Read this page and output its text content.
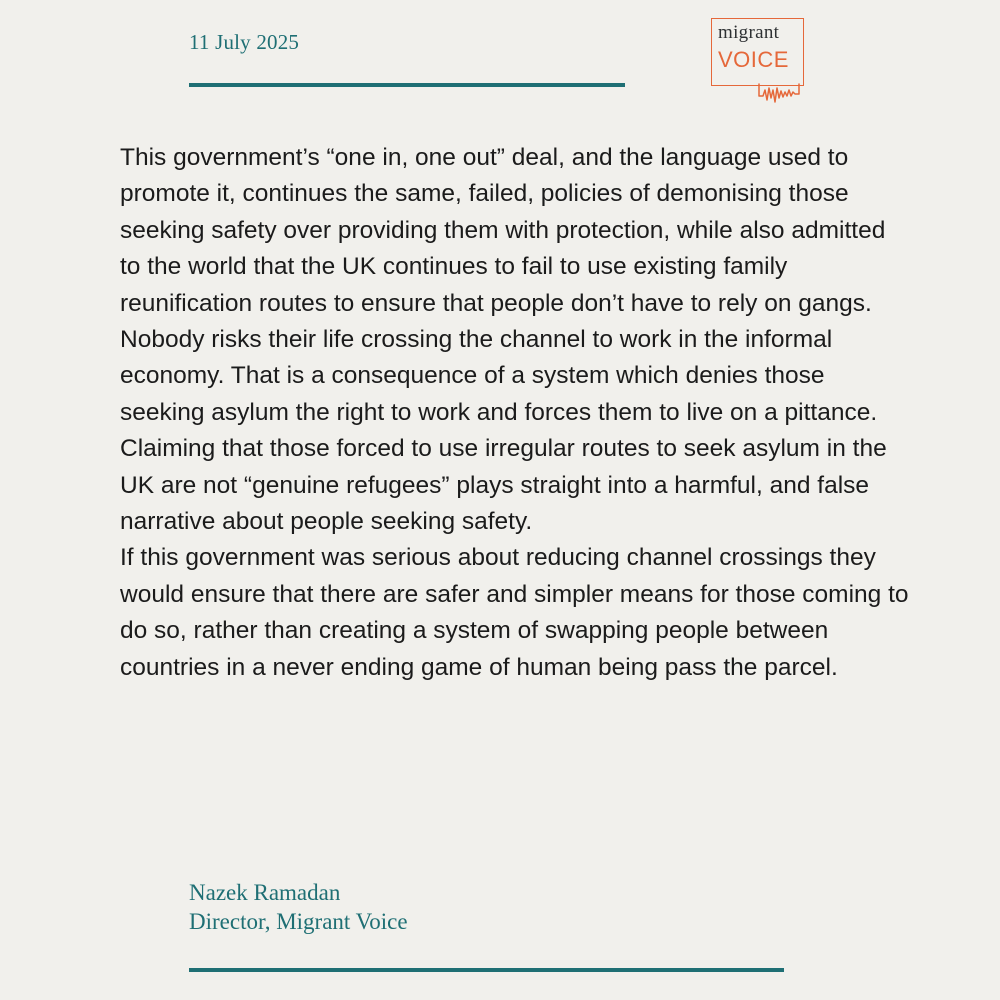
11 July 2025	migrant
VOICE

This government’s “one in, one out” deal, and the language used to promote it, continues the same, failed, policies of demonising those seeking safety over providing them with protection, while also admitted to the world that the UK continues to fail to use existing family reunification routes to ensure that people don’t have to rely on gangs.

Nobody risks their life crossing the channel to work in the informal economy. That is a consequence of a system which denies those seeking asylum the right to work and forces them to live on a pittance.

Claiming that those forced to use irregular routes to seek asylum in the UK are not “genuine refugees” plays straight into a harmful, and false narrative about people seeking safety.

If this government was serious about reducing channel crossings they would ensure that there are safer and simpler means for those coming to do so, rather than creating a system of swapping people between countries in a never ending game of human being pass the parcel.

Nazek Ramadan
Director, Migrant Voice
